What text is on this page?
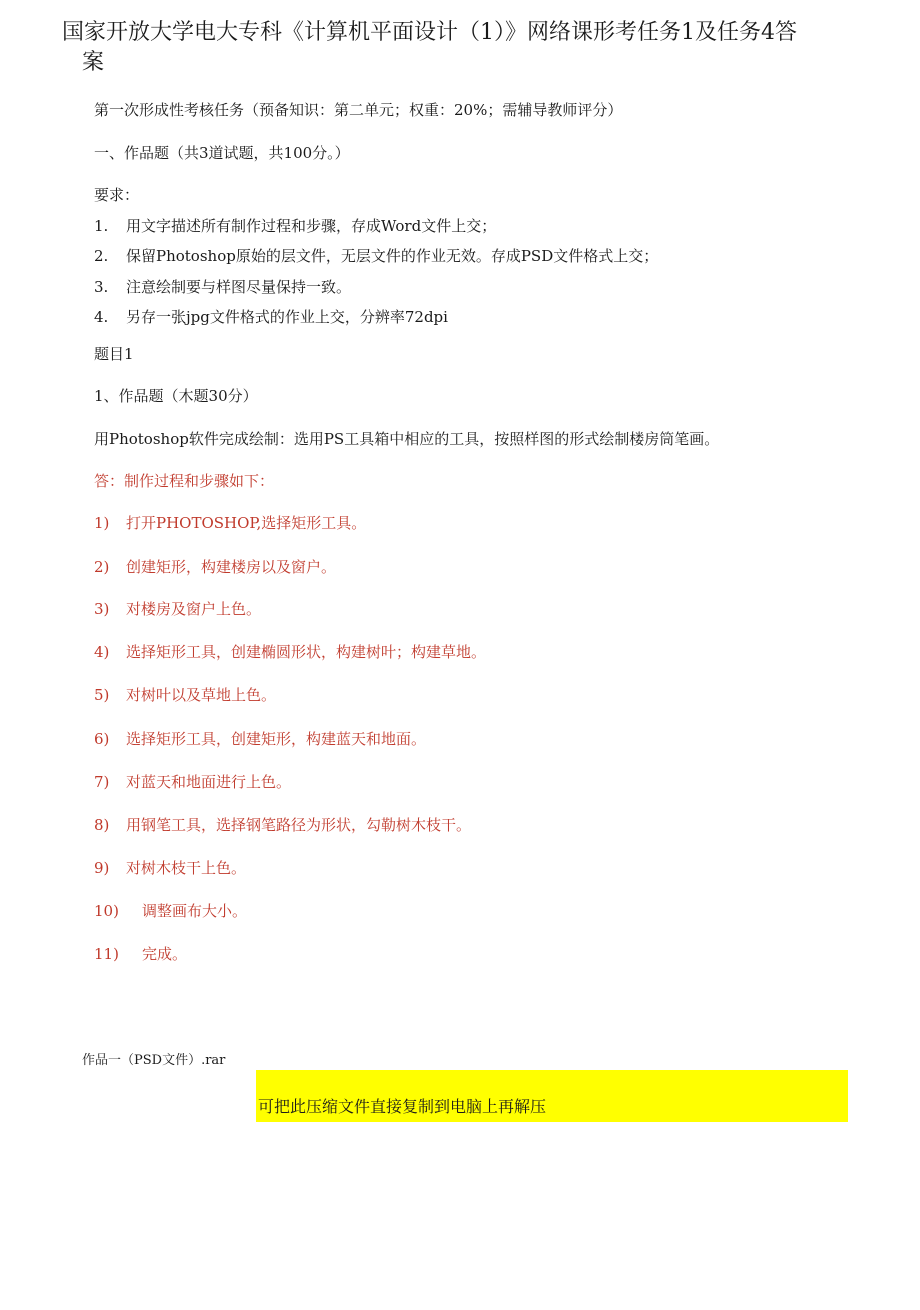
国家开放大学电大专科《计算机平面设计（1）》网络课形考任务1及任务4答
案
第一次形成性考核任务（预备知识：第二单元；权重：20%；需辅导教师评分）
一、作品题（共3道试题，共100分。）
要求：
1. 用文字描述所有制作过程和步骤，存成Word文件上交；
2. 保留Photoshop原始的层文件，无层文件的作业无效。存成PSD文件格式上交；
3. 注意绘制要与样图尽量保持一致。
4. 另存一张jpg文件格式的作业上交，分辨率72dpi
题目1
1、作品题（木题30分）
用Photoshop软件完成绘制：选用PS工具箱中相应的工具，按照样图的形式绘制楼房筒笔画。
答：制作过程和步骤如下：
1) 打开PHOTOSHOP,选择矩形工具。
2) 创建矩形，构建楼房以及窗户。
3) 对楼房及窗户上色。
4) 选择矩形工具，创建椭圆形状，构建树叶；构建草地。
5) 对树叶以及草地上色。
6) 选择矩形工具，创建矩形，构建蓝天和地面。
7) 对蓝天和地面进行上色。
8) 用钢笔工具，选择钢笔路径为形状，勾勒树木枝干。
9) 对树木枝干上色。
10) 调整画布大小。
11) 完成。
作品一（PSD文件）.rar
可把此压缩文件直接复制到电脑上再解压
